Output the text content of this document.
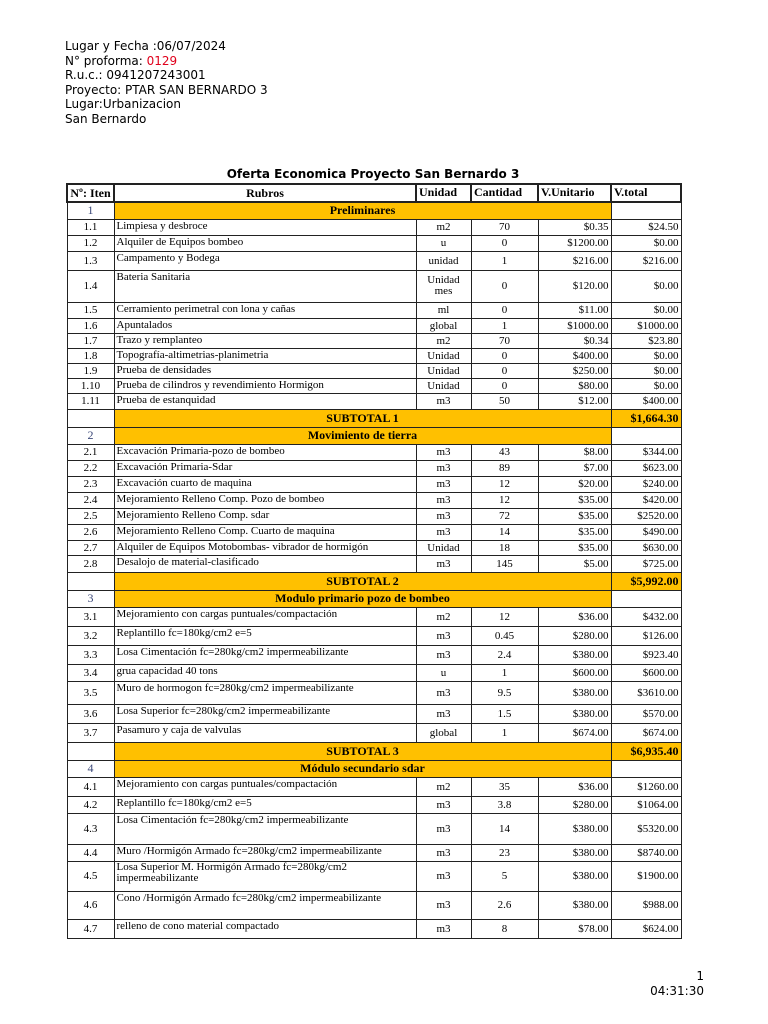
Lugar y Fecha :06/07/2024
N° proforma: 0129
R.u.c.: 0941207243001
Proyecto: PTAR SAN BERNARDO 3
Lugar:Urbanizacion
San Bernardo
Oferta Economica Proyecto San Bernardo 3
Nº: Iten	Rubros	Unidad	Cantidad	V.Unitario	V.total
1	Preliminares				
1.1	Limpiesa y desbroce	m2	70	$0.35	$24.50
1.2	Alquiler de Equipos bombeo	u	0	$1200.00	$0.00
1.3	Campamento y Bodega	unidad	1	$216.00	$216.00
1.4	Bateria Sanitaria	Unidad mes	0	$120.00	$0.00
1.5	Cerramiento perimetral con lona y cañas	ml	0	$11.00	$0.00
1.6	Apuntalados	global	1	$1000.00	$1000.00
1.7	Trazo y remplanteo	m2	70	$0.34	$23.80
1.8	Topografía-altimetrias-planimetria	Unidad	0	$400.00	$0.00
1.9	Prueba de densidades	Unidad	0	$250.00	$0.00
1.10	Prueba de cilindros y revendimiento Hormigon	Unidad	0	$80.00	$0.00
1.11	Prueba de estanquidad	m3	50	$12.00	$400.00
	SUBTOTAL 1				$1,664.30
2	Movimiento de tierra				
2.1	Excavación Primaria-pozo de bombeo	m3	43	$8.00	$344.00
2.2	Excavación Primaria-Sdar	m3	89	$7.00	$623.00
2.3	Excavación cuarto de maquina	m3	12	$20.00	$240.00
2.4	Mejoramiento Relleno Comp. Pozo de bombeo	m3	12	$35.00	$420.00
2.5	Mejoramiento Relleno Comp. sdar	m3	72	$35.00	$2520.00
2.6	Mejoramiento Relleno Comp. Cuarto de maquina	m3	14	$35.00	$490.00
2.7	Alquiler de Equipos Motobombas- vibrador de hormigón	Unidad	18	$35.00	$630.00
2.8	Desalojo de material-clasificado	m3	145	$5.00	$725.00
	SUBTOTAL 2				$5,992.00
3	Modulo primario pozo de bombeo				
3.1	Mejoramiento con cargas puntuales/compactación	m2	12	$36.00	$432.00
3.2	Replantillo fc=180kg/cm2 e=5	m3	0.45	$280.00	$126.00
3.3	Losa Cimentación fc=280kg/cm2 impermeabilizante	m3	2.4	$380.00	$923.40
3.4	grua capacidad 40 tons	u	1	$600.00	$600.00
3.5	Muro de hormogon fc=280kg/cm2 impermeabilizante	m3	9.5	$380.00	$3610.00
3.6	Losa Superior fc=280kg/cm2 impermeabilizante	m3	1.5	$380.00	$570.00
3.7	Pasamuro y caja de valvulas	global	1	$674.00	$674.00
	SUBTOTAL 3				$6,935.40
4	Módulo secundario sdar				
4.1	Mejoramiento con cargas puntuales/compactación	m2	35	$36.00	$1260.00
4.2	Replantillo fc=180kg/cm2 e=5	m3	3.8	$280.00	$1064.00
4.3	Losa Cimentación fc=280kg/cm2 impermeabilizante	m3	14	$380.00	$5320.00
4.4	Muro /Hormigón Armado fc=280kg/cm2 impermeabilizante	m3	23	$380.00	$8740.00
4.5	Losa Superior M. Hormigón Armado fc=280kg/cm2 impermeabilizante	m3	5	$380.00	$1900.00
4.6	Cono /Hormigón Armado fc=280kg/cm2 impermeabilizante	m3	2.6	$380.00	$988.00
4.7	relleno de cono material compactado	m3	8	$78.00	$624.00
1
04:31:30
